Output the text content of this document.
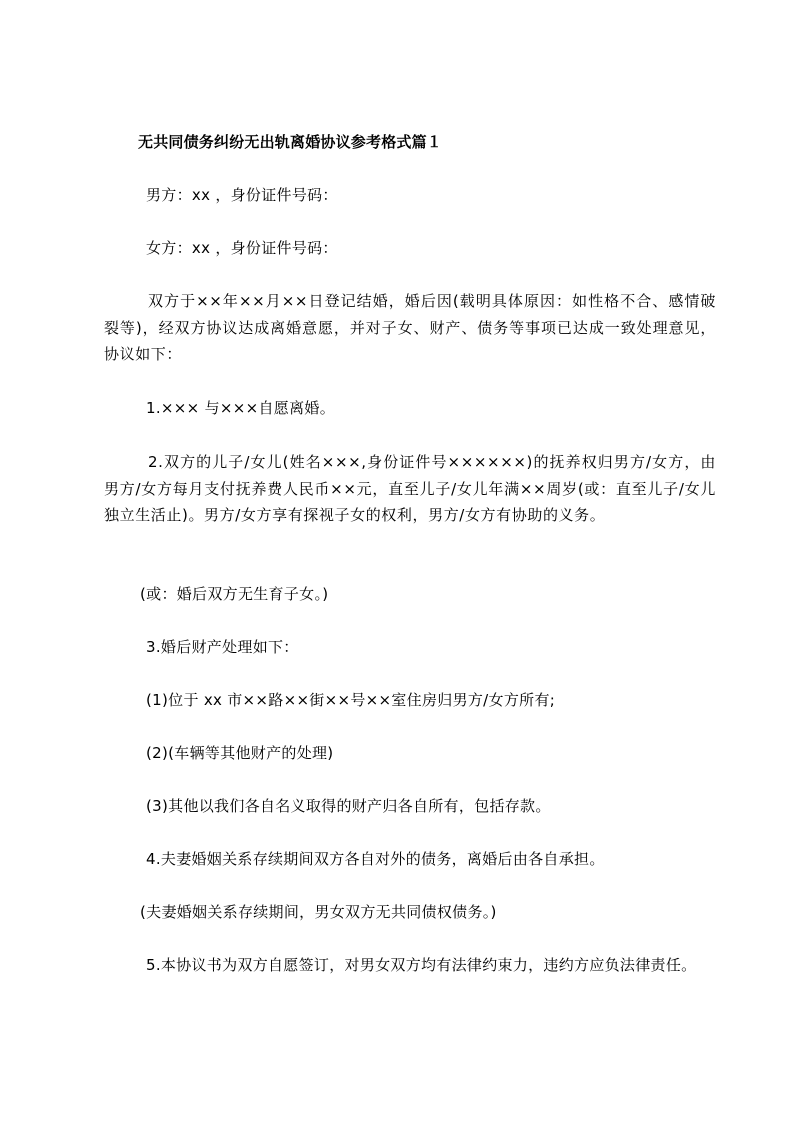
无共同债务纠纷无出轨离婚协议参考格式篇１
男方：xx ，身份证件号码：
女方：xx ，身份证件号码：
双方于××年××月××日登记结婚，婚后因(载明具体原因：如性格不合、感情破裂等)，经双方协议达成离婚意愿，并对子女、财产、债务等事项已达成一致处理意见，协议如下：
1.××× 与×××自愿离婚。
2.双方的儿子/女儿(姓名×××,身份证件号××××××)的抚养权归男方/女方，由男方/女方每月支付抚养费人民币××元，直至儿子/女儿年满××周岁(或：直至儿子/女儿独立生活止)。男方/女方享有探视子女的权利，男方/女方有协助的义务。
(或：婚后双方无生育子女。)
3.婚后财产处理如下：
(1)位于 xx 市××路××街××号××室住房归男方/女方所有;
(2)(车辆等其他财产的处理)
(3)其他以我们各自名义取得的财产归各自所有，包括存款。
4.夫妻婚姻关系存续期间双方各自对外的债务，离婚后由各自承担。
(夫妻婚姻关系存续期间，男女双方无共同债权债务。)
5.本协议书为双方自愿签订，对男女双方均有法律约束力，违约方应负法律责任。
